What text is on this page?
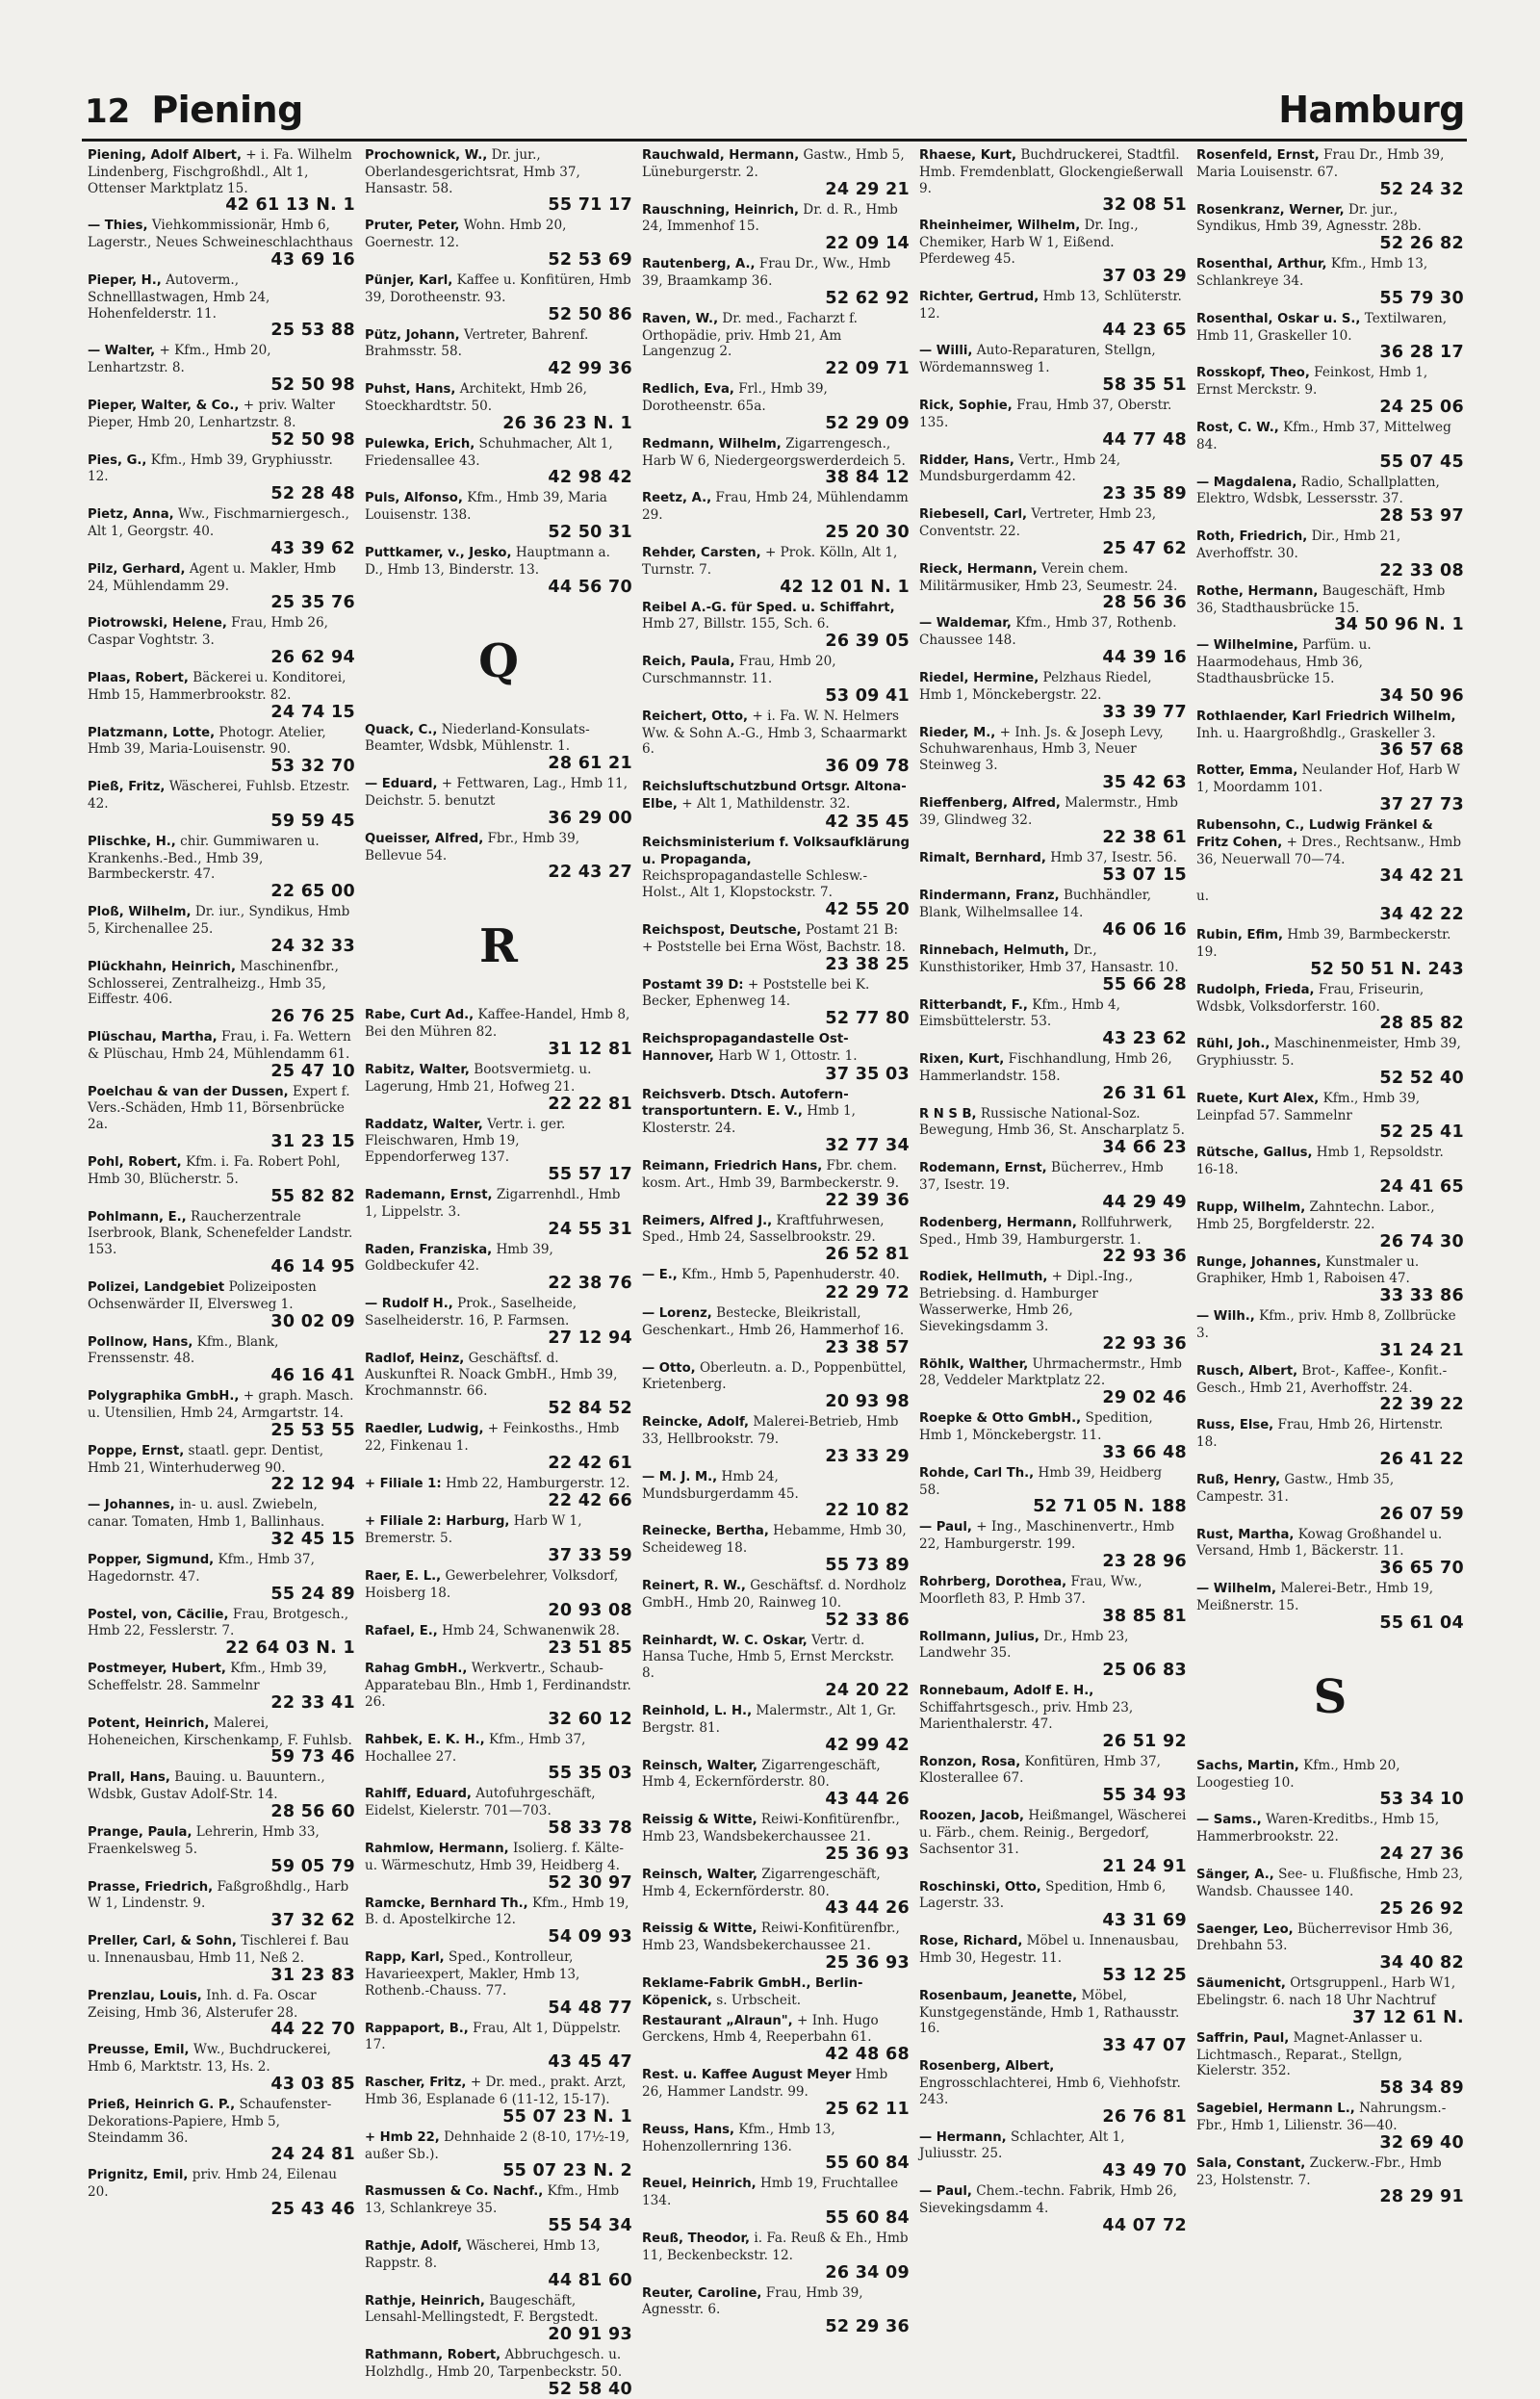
12 Piening	Hamburg
Piening, Adolf Albert, + i. Fa. Wilhelm Lindenberg, Fischgroßhdl., Alt 1, Ottenser Marktplatz 15.
42 61 13 N. 1
— Thies, Viehkommissionär, Hmb 6, Lagerstr., Neues Schweineschlachthaus
43 69 16
Pieper, H., Autoverm., Schnelllastwagen, Hmb 24, Hohenfelderstr. 11.
25 53 88
— Walter, + Kfm., Hmb 20, Lenhartzstr. 8.
52 50 98
Pieper, Walter, & Co., + priv. Walter Pieper, Hmb 20, Lenhartzstr. 8.
52 50 98
Pies, G., Kfm., Hmb 39, Gryphiusstr. 12.
52 28 48
Pietz, Anna, Ww., Fischmarniergesch., Alt 1, Georgstr. 40.
43 39 62
Pilz, Gerhard, Agent u. Makler, Hmb 24, Mühlendamm 29.
25 35 76
Piotrowski, Helene, Frau, Hmb 26, Caspar Voghtstr. 3.
26 62 94
Plaas, Robert, Bäckerei u. Konditorei, Hmb 15, Hammerbrookstr. 82.
24 74 15
Platzmann, Lotte, Photogr. Atelier, Hmb 39, Maria-Louisenstr. 90.
53 32 70
Pieß, Fritz, Wäscherei, Fuhlsb. Etzestr. 42.
59 59 45
Plischke, H., chir. Gummiwaren u. Krankenhs.-Bed., Hmb 39, Barmbeckerstr. 47.
22 65 00
Ploß, Wilhelm, Dr. iur., Syndikus, Hmb 5, Kirchenallee 25.
24 32 33
Plückhahn, Heinrich, Maschinenfbr., Schlosserei, Zentralheizg., Hmb 35, Eiffestr. 406.
26 76 25
Plüschau, Martha, Frau, i. Fa. Wettern & Plüschau, Hmb 24, Mühlendamm 61.
25 47 10
Poelchau & van der Dussen, Expert f. Vers.-Schäden, Hmb 11, Börsenbrücke 2a.
31 23 15
Pohl, Robert, Kfm. i. Fa. Robert Pohl, Hmb 30, Blücherstr. 5.
55 82 82
Pohlmann, E., Raucherzentrale Iserbrook, Blank, Schenefelder Landstr. 153.
46 14 95
Polizei, Landgebiet Polizeiposten Ochsenwärder II, Elversweg 1.
30 02 09
Pollnow, Hans, Kfm., Blank, Frenssenstr. 48.
46 16 41
Polygraphika GmbH., + graph. Masch. u. Utensilien, Hmb 24, Armgartstr. 14.
25 53 55
Poppe, Ernst, staatl. gepr. Dentist, Hmb 21, Winterhuderweg 90.
22 12 94
— Johannes, in- u. ausl. Zwiebeln, canar. Tomaten, Hmb 1, Ballinhaus.
32 45 15
Popper, Sigmund, Kfm., Hmb 37, Hagedornstr. 47.
55 24 89
Postel, von, Cäcilie, Frau, Brotgesch., Hmb 22, Fesslerstr. 7.
22 64 03 N. 1
Postmeyer, Hubert, Kfm., Hmb 39, Scheffelstr. 28. Sammelnr
22 33 41
Potent, Heinrich, Malerei, Hoheneichen, Kirschenkamp, F. Fuhlsb.
59 73 46
Prall, Hans, Bauing. u. Bauuntern., Wdsbk, Gustav Adolf-Str. 14.
28 56 60
Prange, Paula, Lehrerin, Hmb 33, Fraenkelsweg 5.
59 05 79
Prasse, Friedrich, Faßgroßhdlg., Harb W 1, Lindenstr. 9.
37 32 62
Preller, Carl, & Sohn, Tischlerei f. Bau u. Innenausbau, Hmb 11, Neß 2.
31 23 83
Prenzlau, Louis, Inh. d. Fa. Oscar Zeising, Hmb 36, Alsterufer 28.
44 22 70
Preusse, Emil, Ww., Buchdruckerei, Hmb 6, Marktstr. 13, Hs. 2.
43 03 85
Prieß, Heinrich G. P., Schaufenster-Dekorations-Papiere, Hmb 5, Steindamm 36.
24 24 81
Prignitz, Emil, priv. Hmb 24, Eilenau 20.
25 43 46
Prochownick, W., Dr. jur., Oberlandesgerichtsrat, Hmb 37, Hansastr. 58.
55 71 17
Pruter, Peter, Wohn. Hmb 20, Goernestr. 12.
52 53 69
Pünjer, Karl, Kaffee u. Konfitüren, Hmb 39, Dorotheenstr. 93.
52 50 86
Pütz, Johann, Vertreter, Bahrenf. Brahmsstr. 58.
42 99 36
Puhst, Hans, Architekt, Hmb 26, Stoeckhardtstr. 50.
26 36 23 N. 1
Pulewka, Erich, Schuhmacher, Alt 1, Friedensallee 43.
42 98 42
Puls, Alfonso, Kfm., Hmb 39, Maria Louisenstr. 138.
52 50 31
Puttkamer, v., Jesko, Hauptmann a. D., Hmb 13, Binderstr. 13.
44 56 70
Q
Quack, C., Niederland-Konsulats-Beamter, Wdsbk, Mühlenstr. 1.
28 61 21
— Eduard, + Fettwaren, Lag., Hmb 11, Deichstr. 5. benutzt
36 29 00
Queisser, Alfred, Fbr., Hmb 39, Bellevue 54.
22 43 27
R
Rabe, Curt Ad., Kaffee-Handel, Hmb 8, Bei den Mühren 82.
31 12 81
Rabitz, Walter, Bootsvermietg. u. Lagerung, Hmb 21, Hofweg 21.
22 22 81
Raddatz, Walter, Vertr. i. ger. Fleischwaren, Hmb 19, Eppendorferweg 137.
55 57 17
Rademann, Ernst, Zigarrenhdl., Hmb 1, Lippelstr. 3.
24 55 31
Raden, Franziska, Hmb 39, Goldbeckufer 42.
22 38 76
— Rudolf H., Prok., Saselheide, Saselheiderstr. 16, P. Farmsen.
27 12 94
Radlof, Heinz, Geschäftsf. d. Auskunftei R. Noack GmbH., Hmb 39, Krochmannstr. 66.
52 84 52
Raedler, Ludwig, + Feinkosths., Hmb 22, Finkenau 1.
22 42 61
+ Filiale 1: Hmb 22, Hamburgerstr. 12.
22 42 66
+ Filiale 2: Harburg, Harb W 1, Bremerstr. 5.
37 33 59
Raer, E. L., Gewerbelehrer, Volksdorf, Hoisberg 18.
20 93 08
Rafael, E., Hmb 24, Schwanenwik 28.
23 51 85
Rahag GmbH., Werkvertr., Schaub-Apparatebau Bln., Hmb 1, Ferdinandstr. 26.
32 60 12
Rahbek, E. K. H., Kfm., Hmb 37, Hochallee 27.
55 35 03
Rahlff, Eduard, Autofuhrgeschäft, Eidelst, Kielerstr. 701—703.
58 33 78
Rahmlow, Hermann, Isolierg. f. Kälte- u. Wärmeschutz, Hmb 39, Heidberg 4.
52 30 97
Ramcke, Bernhard Th., Kfm., Hmb 19, B. d. Apostelkirche 12.
54 09 93
Rapp, Karl, Sped., Kontrolleur, Havarieexpert, Makler, Hmb 13, Rothenb.-Chauss. 77.
54 48 77
Rappaport, B., Frau, Alt 1, Düppelstr. 17.
43 45 47
Rascher, Fritz, + Dr. med., prakt. Arzt, Hmb 36, Esplanade 6 (11-12, 15-17).
55 07 23 N. 1
+ Hmb 22, Dehnhaide 2 (8-10, 17½-19, außer Sb.).
55 07 23 N. 2
Rasmussen & Co. Nachf., Kfm., Hmb 13, Schlankreye 35.
55 54 34
Rathje, Adolf, Wäscherei, Hmb 13, Rappstr. 8.
44 81 60
Rathje, Heinrich, Baugeschäft, Lensahl-Mellingstedt, F. Bergstedt.
20 91 93
Rathmann, Robert, Abbruchgesch. u. Holzhdlg., Hmb 20, Tarpenbeckstr. 50.
52 58 40
Rauchwald, Hermann, Gastw., Hmb 5, Lüneburgerstr. 2.
24 29 21
Rauschning, Heinrich, Dr. d. R., Hmb 24, Immenhof 15.
22 09 14
Rautenberg, A., Frau Dr., Ww., Hmb 39, Braamkamp 36.
52 62 92
Raven, W., Dr. med., Facharzt f. Orthopädie, priv. Hmb 21, Am Langenzug 2.
22 09 71
Redlich, Eva, Frl., Hmb 39, Dorotheenstr. 65a.
52 29 09
Redmann, Wilhelm, Zigarrengesch., Harb W 6, Niedergeorgswerderdeich 5.
38 84 12
Reetz, A., Frau, Hmb 24, Mühlendamm 29.
25 20 30
Rehder, Carsten, + Prok. Kölln, Alt 1, Turnstr. 7.
42 12 01 N. 1
Reibel A.-G. für Sped. u. Schiffahrt, Hmb 27, Billstr. 155, Sch. 6.
26 39 05
Reich, Paula, Frau, Hmb 20, Curschmannstr. 11.
53 09 41
Reichert, Otto, + i. Fa. W. N. Helmers Ww. & Sohn A.-G., Hmb 3, Schaarmarkt 6.
36 09 78
Reichsluftschutzbund Ortsgr. Altona-Elbe, + Alt 1, Mathildenstr. 32.
42 35 45
Reichsministerium f. Volksaufklärung u. Propaganda, Reichspropagandastelle Schlesw.-Holst., Alt 1, Klopstockstr. 7.
42 55 20
Reichspost, Deutsche, Postamt 21 B: + Poststelle bei Erna Wöst, Bachstr. 18.
23 38 25
Postamt 39 D: + Poststelle bei K. Becker, Ephenweg 14.
52 77 80
Reichspropagandastelle Ost-Hannover, Harb W 1, Ottostr. 1.
37 35 03
Reichsverb. Dtsch. Autofern-transportuntern. E. V., Hmb 1, Klosterstr. 24.
32 77 34
Reimann, Friedrich Hans, Fbr. chem. kosm. Art., Hmb 39, Barmbeckerstr. 9.
22 39 36
Reimers, Alfred J., Kraftfuhrwesen, Sped., Hmb 24, Sasselbrookstr. 29.
26 52 81
— E., Kfm., Hmb 5, Papenhuderstr. 40.
22 29 72
— Lorenz, Bestecke, Bleikristall, Geschenkart., Hmb 26, Hammerhof 16.
23 38 57
— Otto, Oberleutn. a. D., Poppenbüttel, Krietenberg.
20 93 98
Reincke, Adolf, Malerei-Betrieb, Hmb 33, Hellbrookstr. 79.
23 33 29
— M. J. M., Hmb 24, Mundsburgerdamm 45.
22 10 82
Reinecke, Bertha, Hebamme, Hmb 30, Scheideweg 18.
55 73 89
Reinert, R. W., Geschäftsf. d. Nordholz GmbH., Hmb 20, Rainweg 10.
52 33 86
Reinhardt, W. C. Oskar, Vertr. d. Hansa Tuche, Hmb 5, Ernst Merckstr. 8.
24 20 22
Reinhold, L. H., Malermstr., Alt 1, Gr. Bergstr. 81.
42 99 42
Reinsch, Walter, Zigarrengeschäft, Hmb 4, Eckernförderstr. 80.
43 44 26
Reissig & Witte, Reiwi-Konfitürenfbr., Hmb 23, Wandsbekerchaussee 21.
25 36 93
Reinsch, Walter, Zigarrengeschäft, Hmb 4, Eckernförderstr. 80.
43 44 26
Reissig & Witte, Reiwi-Konfitürenfbr., Hmb 23, Wandsbekerchaussee 21.
25 36 93
Reklame-Fabrik GmbH., Berlin-Köpenick, s. Urbscheit.
Restaurant „Alraun", + Inh. Hugo Gerckens, Hmb 4, Reeperbahn 61.
42 48 68
Rest. u. Kaffee August Meyer Hmb 26, Hammer Landstr. 99.
25 62 11
Reuss, Hans, Kfm., Hmb 13, Hohenzollernring 136.
55 60 84
Reuel, Heinrich, Hmb 19, Fruchtallee 134.
55 60 84
Reuß, Theodor, i. Fa. Reuß & Eh., Hmb 11, Beckenbeckstr. 12.
26 34 09
Reuter, Caroline, Frau, Hmb 39, Agnesstr. 6.
52 29 36
Rhaese, Kurt, Buchdruckerei, Stadtfil. Hmb. Fremdenblatt, Glockengießerwall 9.
32 08 51
Rheinheimer, Wilhelm, Dr. Ing., Chemiker, Harb W 1, Eißend. Pferdeweg 45.
37 03 29
Richter, Gertrud, Hmb 13, Schlüterstr. 12.
44 23 65
— Willi, Auto-Reparaturen, Stellgn, Wördemannsweg 1.
58 35 51
Rick, Sophie, Frau, Hmb 37, Oberstr. 135.
44 77 48
Ridder, Hans, Vertr., Hmb 24, Mundsburgerdamm 42.
23 35 89
Riebesell, Carl, Vertreter, Hmb 23, Conventstr. 22.
25 47 62
Rieck, Hermann, Verein chem. Militärmusiker, Hmb 23, Seumestr. 24.
28 56 36
— Waldemar, Kfm., Hmb 37, Rothenb. Chaussee 148.
44 39 16
Riedel, Hermine, Pelzhaus Riedel, Hmb 1, Mönckebergstr. 22.
33 39 77
Rieder, M., + Inh. Js. & Joseph Levy, Schuhwarenhaus, Hmb 3, Neuer Steinweg 3.
35 42 63
Rieffenberg, Alfred, Malermstr., Hmb 39, Glindweg 32.
22 38 61
Rimalt, Bernhard, Hmb 37, Isestr. 56.
53 07 15
Rindermann, Franz, Buchhändler, Blank, Wilhelmsallee 14.
46 06 16
Rinnebach, Helmuth, Dr., Kunsthistoriker, Hmb 37, Hansastr. 10.
55 66 28
Ritterbandt, F., Kfm., Hmb 4, Eimsbüttelerstr. 53.
43 23 62
Rixen, Kurt, Fischhandlung, Hmb 26, Hammerlandstr. 158.
26 31 61
R N S B, Russische National-Soz. Bewegung, Hmb 36, St. Anscharplatz 5.
34 66 23
Rodemann, Ernst, Bücherrev., Hmb 37, Isestr. 19.
44 29 49
Rodenberg, Hermann, Rollfuhrwerk, Sped., Hmb 39, Hamburgerstr. 1.
22 93 36
Rodiek, Hellmuth, + Dipl.-Ing., Betriebsing. d. Hamburger Wasserwerke, Hmb 26, Sievekingsdamm 3.
22 93 36
Röhlk, Walther, Uhrmachermstr., Hmb 28, Veddeler Marktplatz 22.
29 02 46
Roepke & Otto GmbH., Spedition, Hmb 1, Mönckebergstr. 11.
33 66 48
Rohde, Carl Th., Hmb 39, Heidberg 58.
52 71 05 N. 188
— Paul, + Ing., Maschinenvertr., Hmb 22, Hamburgerstr. 199.
23 28 96
Rohrberg, Dorothea, Frau, Ww., Moorfleth 83, P. Hmb 37.
38 85 81
Rollmann, Julius, Dr., Hmb 23, Landwehr 35.
25 06 83
Ronnebaum, Adolf E. H., Schiffahrtsgesch., priv. Hmb 23, Marienthalerstr. 47.
26 51 92
Ronzon, Rosa, Konfitüren, Hmb 37, Klosterallee 67.
55 34 93
Roozen, Jacob, Heißmangel, Wäscherei u. Färb., chem. Reinig., Bergedorf, Sachsentor 31.
21 24 91
Roschinski, Otto, Spedition, Hmb 6, Lagerstr. 33.
43 31 69
Rose, Richard, Möbel u. Innenausbau, Hmb 30, Hegestr. 11.
53 12 25
Rosenbaum, Jeanette, Möbel, Kunstgegenstände, Hmb 1, Rathausstr. 16.
33 47 07
Rosenberg, Albert, Engrosschlachterei, Hmb 6, Viehhofstr. 243.
26 76 81
— Hermann, Schlachter, Alt 1, Juliusstr. 25.
43 49 70
— Paul, Chem.-techn. Fabrik, Hmb 26, Sievekingsdamm 4.
44 07 72
Rosenfeld, Ernst, Frau Dr., Hmb 39, Maria Louisenstr. 67.
52 24 32
Rosenkranz, Werner, Dr. jur., Syndikus, Hmb 39, Agnesstr. 28b.
52 26 82
Rosenthal, Arthur, Kfm., Hmb 13, Schlankreye 34.
55 79 30
Rosenthal, Oskar u. S., Textilwaren, Hmb 11, Graskeller 10.
36 28 17
Rosskopf, Theo, Feinkost, Hmb 1, Ernst Merckstr. 9.
24 25 06
Rost, C. W., Kfm., Hmb 37, Mittelweg 84.
55 07 45
— Magdalena, Radio, Schallplatten, Elektro, Wdsbk, Lessersstr. 37.
28 53 97
Roth, Friedrich, Dir., Hmb 21, Averhoffstr. 30.
22 33 08
Rothe, Hermann, Baugeschäft, Hmb 36, Stadthausbrücke 15.
34 50 96 N. 1
— Wilhelmine, Parfüm. u. Haarmodehaus, Hmb 36, Stadthausbrücke 15.
34 50 96
Rothlaender, Karl Friedrich Wilhelm, Inh. u. Haargroßhdlg., Graskeller 3.
36 57 68
Rotter, Emma, Neulander Hof, Harb W 1, Moordamm 101.
37 27 73
Rubensohn, C., Ludwig Fränkel & Fritz Cohen, + Dres., Rechtsanw., Hmb 36, Neuerwall 70—74.
34 42 21
u.
34 42 22
Rubin, Efim, Hmb 39, Barmbeckerstr. 19.
52 50 51 N. 243
Rudolph, Frieda, Frau, Friseurin, Wdsbk, Volksdorferstr. 160.
28 85 82
Rühl, Joh., Maschinenmeister, Hmb 39, Gryphiusstr. 5.
52 52 40
Ruete, Kurt Alex, Kfm., Hmb 39, Leinpfad 57. Sammelnr
52 25 41
Rütsche, Gallus, Hmb 1, Repsoldstr. 16-18.
24 41 65
Rupp, Wilhelm, Zahntechn. Labor., Hmb 25, Borgfelderstr. 22.
26 74 30
Runge, Johannes, Kunstmaler u. Graphiker, Hmb 1, Raboisen 47.
33 33 86
— Wilh., Kfm., priv. Hmb 8, Zollbrücke 3.
31 24 21
Rusch, Albert, Brot-, Kaffee-, Konfit.-Gesch., Hmb 21, Averhoffstr. 24.
22 39 22
Russ, Else, Frau, Hmb 26, Hirtenstr. 18.
26 41 22
Ruß, Henry, Gastw., Hmb 35, Campestr. 31.
26 07 59
Rust, Martha, Kowag Großhandel u. Versand, Hmb 1, Bäckerstr. 11.
36 65 70
— Wilhelm, Malerei-Betr., Hmb 19, Meißnerstr. 15.
55 61 04
S
Sachs, Martin, Kfm., Hmb 20, Loogestieg 10.
53 34 10
— Sams., Waren-Kreditbs., Hmb 15, Hammerbrookstr. 22.
24 27 36
Sänger, A., See- u. Flußfische, Hmb 23, Wandsb. Chaussee 140.
25 26 92
Saenger, Leo, Bücherrevisor Hmb 36, Drehbahn 53.
34 40 82
Säumenicht, Ortsgruppenl., Harb W1, Ebelingstr. 6. nach 18 Uhr Nachtruf
37 12 61 N.
Saffrin, Paul, Magnet-Anlasser u. Lichtmasch., Reparat., Stellgn, Kielerstr. 352.
58 34 89
Sagebiel, Hermann L., Nahrungsm.-Fbr., Hmb 1, Lilienstr. 36—40.
32 69 40
Sala, Constant, Zuckerw.-Fbr., Hmb 23, Holstenstr. 7.
28 29 91
